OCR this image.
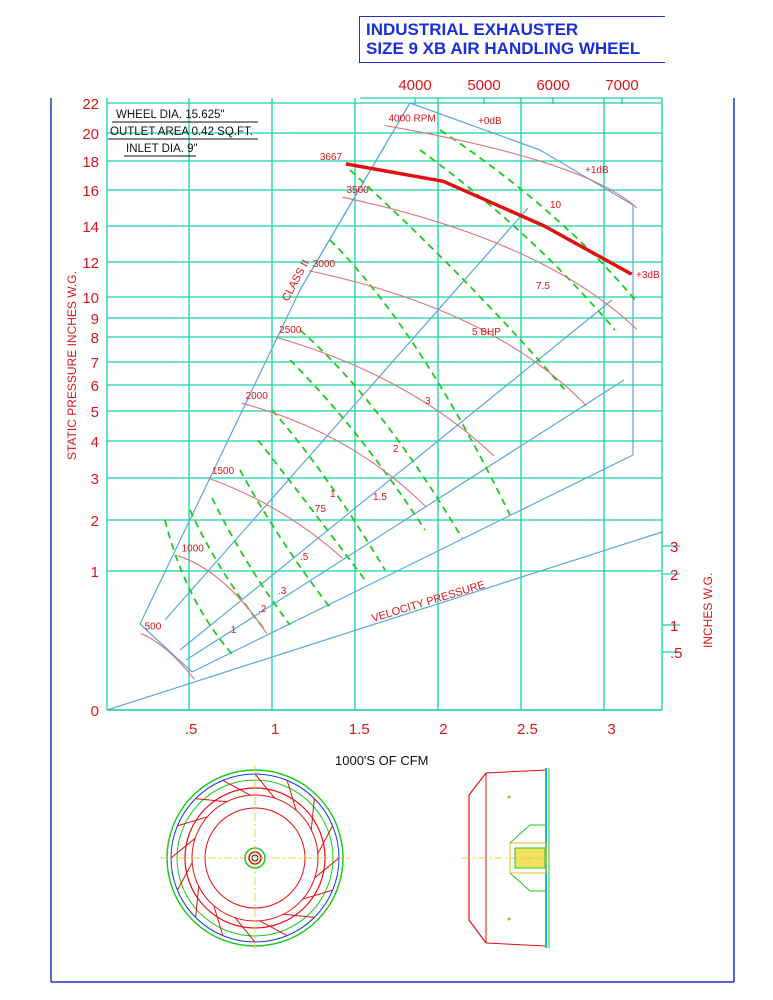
INDUSTRIAL EXHAUSTER
SIZE 9 XB AIR HANDLING WHEEL
0
1
2
3
4
5
6
7
8
9
10
12
14
16
18
20
22
.5	1	1.5	2	2.5	3
4000 5000 6000 7000
.5
1
2
3
500
1000
1500
2000
2500
3000
3500
4000 RPM
3667
.1
.2
.3
.5
.75
1	1.5
2
3
5 BHP
7.5
10
+0dB
+1dB
+3dB
CLASS II
VELOCITY PRESSURE
WHEEL DIA. 15.625"
OUTLET AREA 0.42 SQ.FT.
INLET DIA. 9"
1000'S OF CFM
STATIC PRESSURE INCHES W.G.
INCHES W.G.
